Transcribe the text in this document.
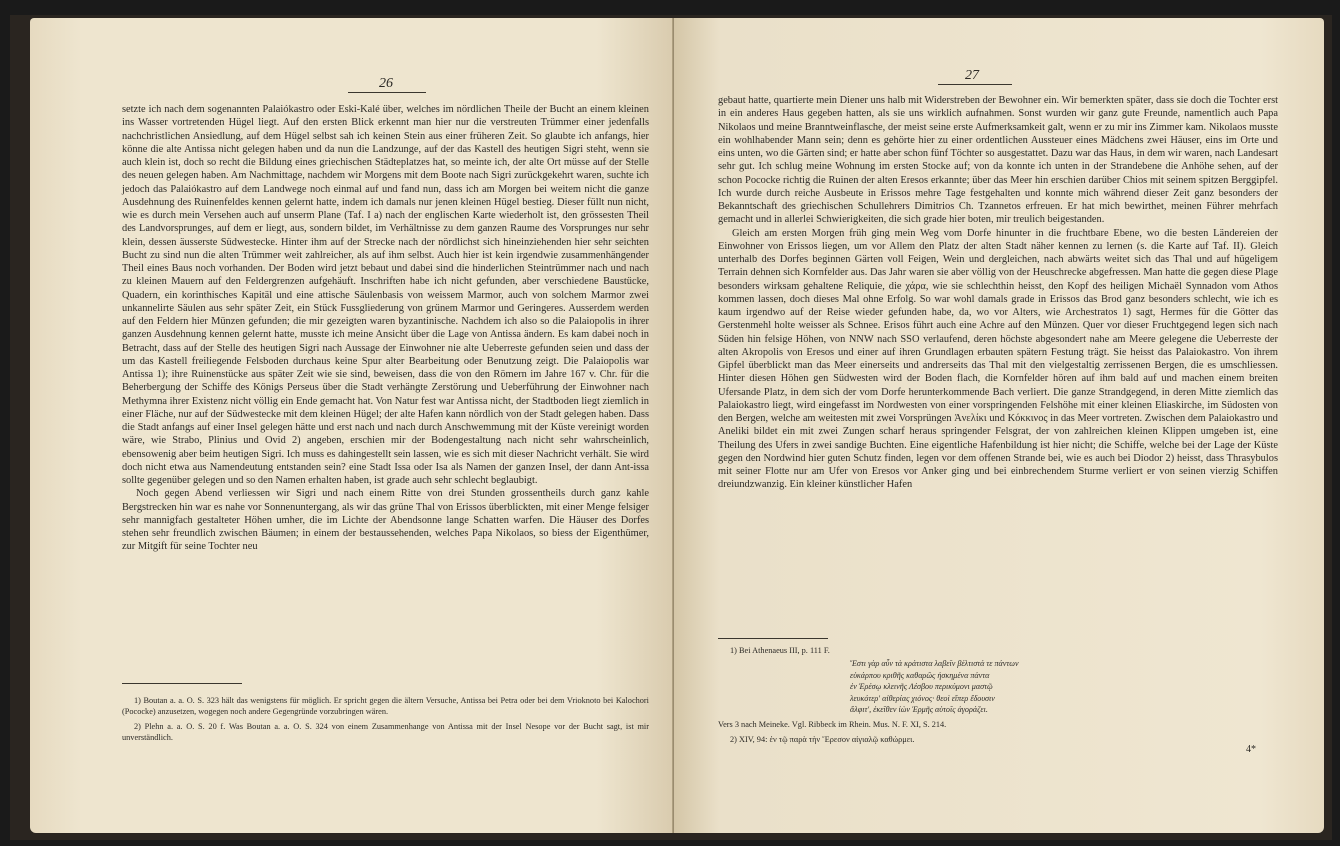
26

setzte ich nach dem sogenannten Palaiókastro oder Eski-Kalé über, welches im nördlichen Theile der Bucht an einem kleinen ins Wasser vortretenden Hügel liegt. Auf den ersten Blick erkennt man hier nur die verstreuten Trümmer einer jedenfalls nachchristlichen Ansiedlung, auf dem Hügel selbst sah ich keinen Stein aus einer früheren Zeit. So glaubte ich anfangs, hier könne die alte Antissa nicht gelegen haben und da nun die Landzunge, auf der das Kastell des heutigen Sigri steht, wenn sie auch klein ist, doch so recht die Bildung eines griechischen Städteplatzes hat, so meinte ich, der alte Ort müsse auf der Stelle des neuen gelegen haben. Am Nachmittage, nachdem wir Morgens mit dem Boote nach Sigri zurückgekehrt waren, suchte ich jedoch das Palaiókastro auf dem Landwege noch einmal auf und fand nun, dass ich am Morgen bei weitem nicht die ganze Ausdehnung des Ruinenfeldes kennen gelernt hatte, indem ich damals nur jenen kleinen Hügel bestieg. Dieser füllt nun nicht, wie es durch mein Versehen auch auf unserm Plane (Taf. I a) nach der englischen Karte wiederholt ist, den grössesten Theil des Landvorsprunges, auf dem er liegt, aus, sondern bildet, im Verhältnisse zu dem ganzen Raume des Vorsprunges nur sehr klein, dessen äusserste Südwestecke. Hinter ihm auf der Strecke nach der nördlichst sich hineinziehenden hier sehr seichten Bucht zu sind nun die alten Trümmer weit zahlreicher, als auf ihm selbst. Auch hier ist kein irgendwie zusammenhängender Theil eines Baus noch vorhanden. Der Boden wird jetzt bebaut und dabei sind die hinderlichen Steintrümmer nach und nach zu kleinen Mauern auf den Feldergrenzen aufgehäuft. Inschriften habe ich nicht gefunden, aber verschiedene Baustücke, Quadern, ein korinthisches Kapitäl und eine attische Säulenbasis von weissem Marmor, auch von solchem Marmor zwei unkannelirte Säulen aus sehr später Zeit, ein Stück Fussgliederung von grünem Marmor und Geringeres. Ausserdem werden auf den Feldern hier Münzen gefunden; die mir gezeigten waren byzantinische. Nachdem ich also so die Palaiopolis in ihrer ganzen Ausdehnung kennen gelernt hatte, musste ich meine Ansicht über die Lage von Antissa ändern. Es kam dabei noch in Betracht, dass auf der Stelle des heutigen Sigri nach Aussage der Einwohner nie alte Ueberreste gefunden seien und dass der um das Kastell freiliegende Felsboden durchaus keine Spur alter Bearbeitung oder Benutzung zeigt. Die Palaiopolis war Antissa 1); ihre Ruinenstücke aus später Zeit wie sie sind, beweisen, dass die von den Römern im Jahre 167 v. Chr. für die Beherbergung der Schiffe des Königs Perseus über die Stadt verhängte Zerstörung und Ueberführung der Einwohner nach Methymna ihrer Existenz nicht völlig ein Ende gemacht hat. Von Natur fest war Antissa nicht, der Stadtboden liegt ziemlich in einer Fläche, nur auf der Südwestecke mit dem kleinen Hügel; der alte Hafen kann nördlich von der Stadt gelegen haben. Dass die Stadt anfangs auf einer Insel gelegen hätte und erst nach und nach durch Anschwemmung mit der Küste vereinigt worden wäre, wie Strabo, Plinius und Ovid 2) angeben, erschien mir der Bodengestaltung nach nicht sehr wahrscheinlich, ebensowenig aber beim heutigen Sigri. Ich muss es dahingestellt sein lassen, wie es sich mit dieser Nachricht verhält. Sie wird doch nicht etwa aus Namendeutung entstanden sein? eine Stadt Issa oder Isa als Namen der ganzen Insel, der dann Ant-issa sollte gegenüber gelegen und so den Namen erhalten haben, ist grade auch sehr schlecht beglaubigt.

Noch gegen Abend verliessen wir Sigri und nach einem Ritte von drei Stunden grossentheils durch ganz kahle Bergstrecken hin war es nahe vor Sonnenuntergang, als wir das grüne Thal von Erissos überblickten, mit einer Menge felsiger sehr mannigfach gestalteter Höhen umher, die im Lichte der Abendsonne lange Schatten warfen. Die Häuser des Dorfes stehen sehr freundlich zwischen Bäumen; in einem der bestaussehenden, welches Papa Nikolaos, so biess der Eigenthümer, zur Mitgift für seine Tochter neu

1) Boutan a. a. O. S. 323 hält das wenigstens für möglich. Er spricht gegen die ältern Versuche, Antissa bei Petra oder bei dem Vrioknoto bei Kalochori (Pococke) anzusetzen, wogegen noch andere Gegengründe vorzubringen wären.

2) Plehn a. a. O. S. 20 f. Was Boutan a. a. O. S. 324 von einem Zusammenhange von Antissa mit der Insel Nesope vor der Bucht sagt, ist mir unverständlich.

27

gebaut hatte, quartierte mein Diener uns halb mit Widerstreben der Bewohner ein. Wir bemerkten später, dass sie doch die Tochter erst in ein anderes Haus gegeben hatten, als sie uns wirklich aufnahmen. Sonst wurden wir ganz gute Freunde, namentlich auch Papa Nikolaos und meine Branntweinflasche, der meist seine erste Aufmerksamkeit galt, wenn er zu mir ins Zimmer kam. Nikolaos musste ein wohlhabender Mann sein; denn es gehörte hier zu einer ordentlichen Aussteuer eines Mädchens zwei Häuser, eins im Orte und eins unten, wo die Gärten sind; er hatte aber schon fünf Töchter so ausgestattet. Dazu war das Haus, in dem wir waren, nach Landesart sehr gut. Ich schlug meine Wohnung im ersten Stocke auf; von da konnte ich unten in der Strandebene die Anhöhe sehen, auf der schon Pococke richtig die Ruinen der alten Eresos erkannte; über das Meer hin erschien darüber Chios mit seinem spitzen Berggipfel. Ich wurde durch reiche Ausbeute in Erissos mehre Tage festgehalten und konnte mich während dieser Zeit ganz besonders der Bekanntschaft des griechischen Schullehrers Dimitrios Ch. Tzannetos erfreuen. Er hat mich bewirthet, meinen Führer mehrfach gemacht und in allerlei Schwierigkeiten, die sich grade hier boten, mir treulich beigestanden.

Gleich am ersten Morgen früh ging mein Weg vom Dorfe hinunter in die fruchtbare Ebene, wo die besten Ländereien der Einwohner von Erissos liegen, um vor Allem den Platz der alten Stadt näher kennen zu lernen (s. die Karte auf Taf. II). Gleich unterhalb des Dorfes beginnen Gärten voll Feigen, Wein und dergleichen, nach abwärts weitet sich das Thal und auf hügeligem Terrain dehnen sich Kornfelder aus. Das Jahr waren sie aber völlig von der Heuschrecke abgefressen. Man hatte die gegen diese Plage besonders wirksam gehaltene Reliquie, die χάρα, wie sie schlechthin heisst, den Kopf des heiligen Michaël Synnadon vom Athos kommen lassen, doch dieses Mal ohne Erfolg. So war wohl damals grade in Erissos das Brod ganz besonders schlecht, wie ich es kaum irgendwo auf der Reise wieder gefunden habe, da, wo vor Alters, wie Archestratos 1) sagt, Hermes für die Götter das Gerstenmehl holte weisser als Schnee. Erisos führt auch eine Achre auf den Münzen. Quer vor dieser Fruchtgegend legen sich nach Süden hin felsige Höhen, von NNW nach SSO verlaufend, deren höchste abgesondert nahe am Meere gelegene die Ueberreste der alten Akropolis von Eresos und einer auf ihren Grundlagen erbauten spätern Festung trägt. Sie heisst das Palaiokastro. Von ihrem Gipfel überblickt man das Meer einerseits und andrerseits das Thal mit den vielgestaltig zerrissenen Bergen, die es umschliessen. Hinter diesen Höhen gen Südwesten wird der Boden flach, die Kornfelder hören auf ihm bald auf und machen einem breiten Ufersande Platz, in dem sich der vom Dorfe herunterkommende Bach verliert. Die ganze Strandgegend, in deren Mitte ziemlich das Palaiokastro liegt, wird eingefasst im Nordwesten von einer vorspringenden Felshöhe mit einer kleinen Eliaskirche, im Südosten von den Bergen, welche am weitesten mit zwei Vorsprüngen Ἀνελίκι und Κόκκινος in das Meer vortreten. Zwischen dem Palaiokastro und Aneliki bildet ein mit zwei Zungen scharf heraus springender Felsgrat, der von zahlreichen kleinen Klippen umgeben ist, eine Theilung des Ufers in zwei sandige Buchten. Eine eigentliche Hafenbildung ist hier nicht; die Schiffe, welche bei der Lage der Küste gegen den Nordwind hier guten Schutz finden, legen vor dem offenen Strande bei, wie es auch bei Diodor 2) heisst, dass Thrasybulos mit seiner Flotte nur am Ufer von Eresos vor Anker ging und bei einbrechendem Sturme verliert er von seinen vierzig Schiffen dreiundzwanzig. Ein kleiner künstlicher Hafen

1) Bei Athenaeus III, p. 111 F.
Ἔστι γὰρ αὖν τὰ κράτιστα λαβεῖν βέλτιστά τε πάντων
εὐκάρπου κριθῆς καθαρῶς ἠσκημένα πάντα
ἐν Ἐρέσῳ κλεινῆς Λέσβου περικύμονι μαστῷ
λευκότερ' αἰθερίας χιόνος· θεοὶ εἴπερ ἔδουσιν
ἄλφιτ', ἐκεῖθεν ἰὼν Ἑρμῆς αὐτοῖς ἀγοράζει.
Vers 3 nach Meineke. Vgl. Ribbeck im Rhein. Mus. N. F. XI, S. 214.
2) XIV, 94: ἐν τῷ παρὰ τὴν Ἔρεσον αἰγιαλῷ καθώρμει.
4*
